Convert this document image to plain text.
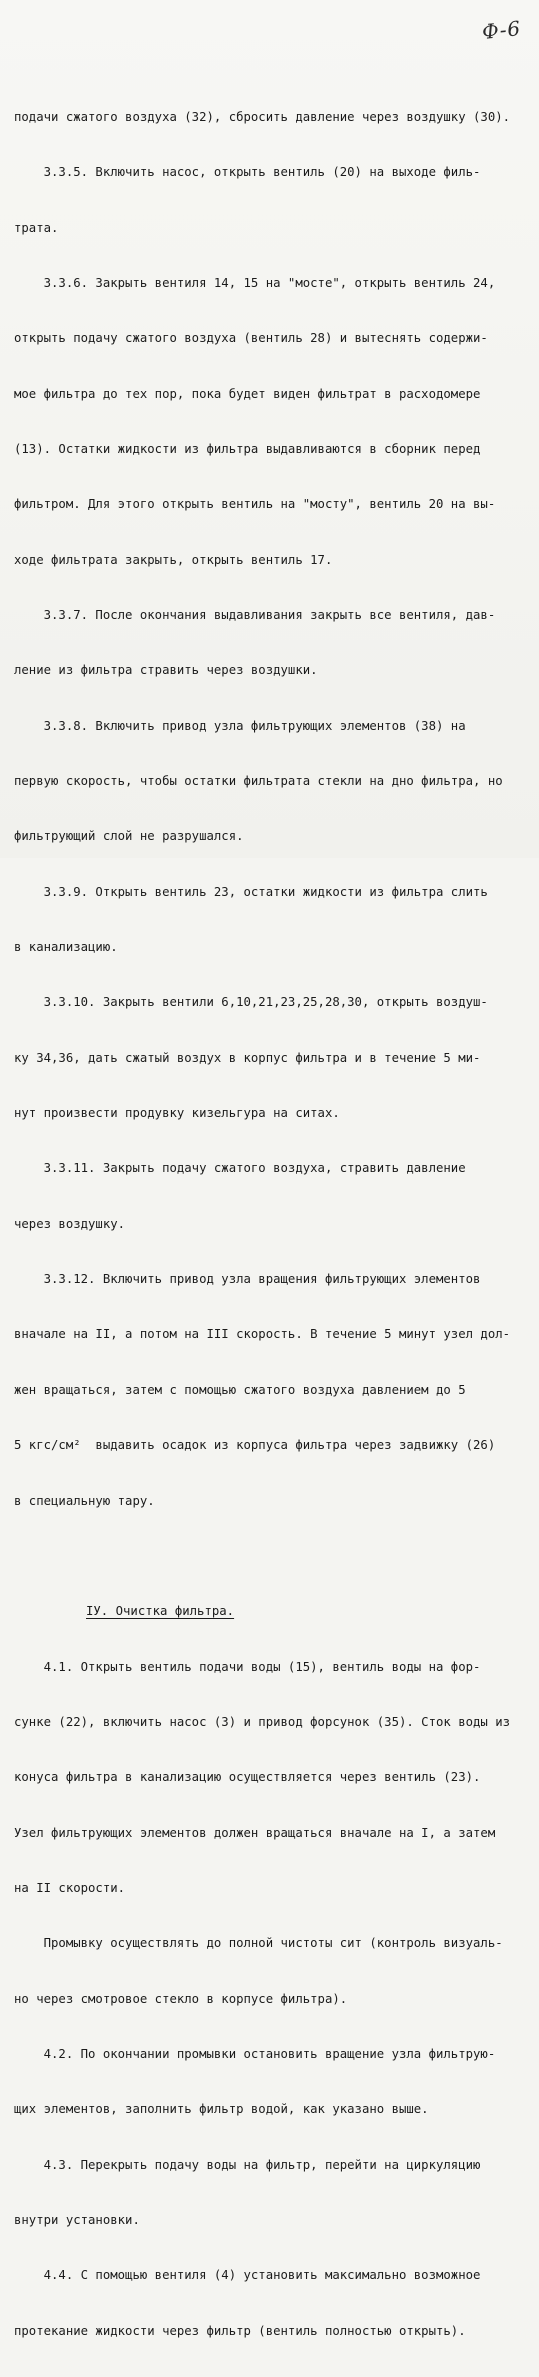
Ф-6

подачи сжатого воздуха (32), сбросить давление через воздушку (30).

3.3.5. Включить насос, открыть вентиль (20) на выходе филь-

трата.

3.3.6. Закрыть вентиля 14, 15 на "мосте", открыть вентиль 24,

открыть подачу сжатого воздуха (вентиль 28) и вытеснять содержи-

мое фильтра до тех пор, пока будет виден фильтрат в расходомере

(13). Остатки жидкости из фильтра выдавливаются в сборник перед

фильтром. Для этого открыть вентиль на "мосту", вентиль 20 на вы-

ходе фильтрата закрыть, открыть вентиль 17.

3.3.7. После окончания выдавливания закрыть все вентиля, дав-

ление из фильтра стравить через воздушки.

3.3.8. Включить привод узла фильтрующих элементов (38) на

первую скорость, чтобы остатки фильтрата стекли на дно фильтра, но

фильтрующий слой не разрушался.

3.3.9. Открыть вентиль 23, остатки жидкости из фильтра слить

в канализацию.

3.3.10. Закрыть вентили 6,10,21,23,25,28,30, открыть воздуш-

ку 34,36, дать сжатый воздух в корпус фильтра и в течение 5 ми-

нут произвести продувку кизельгура на ситах.

3.3.11. Закрыть подачу сжатого воздуха, стравить давление

через воздушку.

3.3.12. Включить привод узла вращения фильтрующих элементов

вначале на II, а потом на III скорость. В течение 5 минут узел дол-

жен вращаться, затем с помощью сжатого воздуха давлением до 5

5 кгс/см²  выдавить осадок из корпуса фильтра через задвижку (26)

в специальную тару.

IУ. Очистка фильтра.

4.1. Открыть вентиль подачи воды (15), вентиль воды на фор-

сунке (22), включить насос (3) и привод форсунок (35). Сток воды из

конуса фильтра в канализацию осуществляется через вентиль (23).

Узел фильтрующих элементов должен вращаться вначале на I, а затем

на II скорости.

Промывку осуществлять до полной чистоты сит (контроль визуаль-

но через смотровое стекло в корпусе фильтра).

4.2. По окончании промывки остановить вращение узла фильтрую-

щих элементов, заполнить фильтр водой, как указано выше.

4.3. Перекрыть подачу воды на фильтр, перейти на циркуляцию

внутри установки.

4.4. С помощью вентиля (4) установить максимально возможное

протекание жидкости через фильтр (вентиль полностью открыть).
